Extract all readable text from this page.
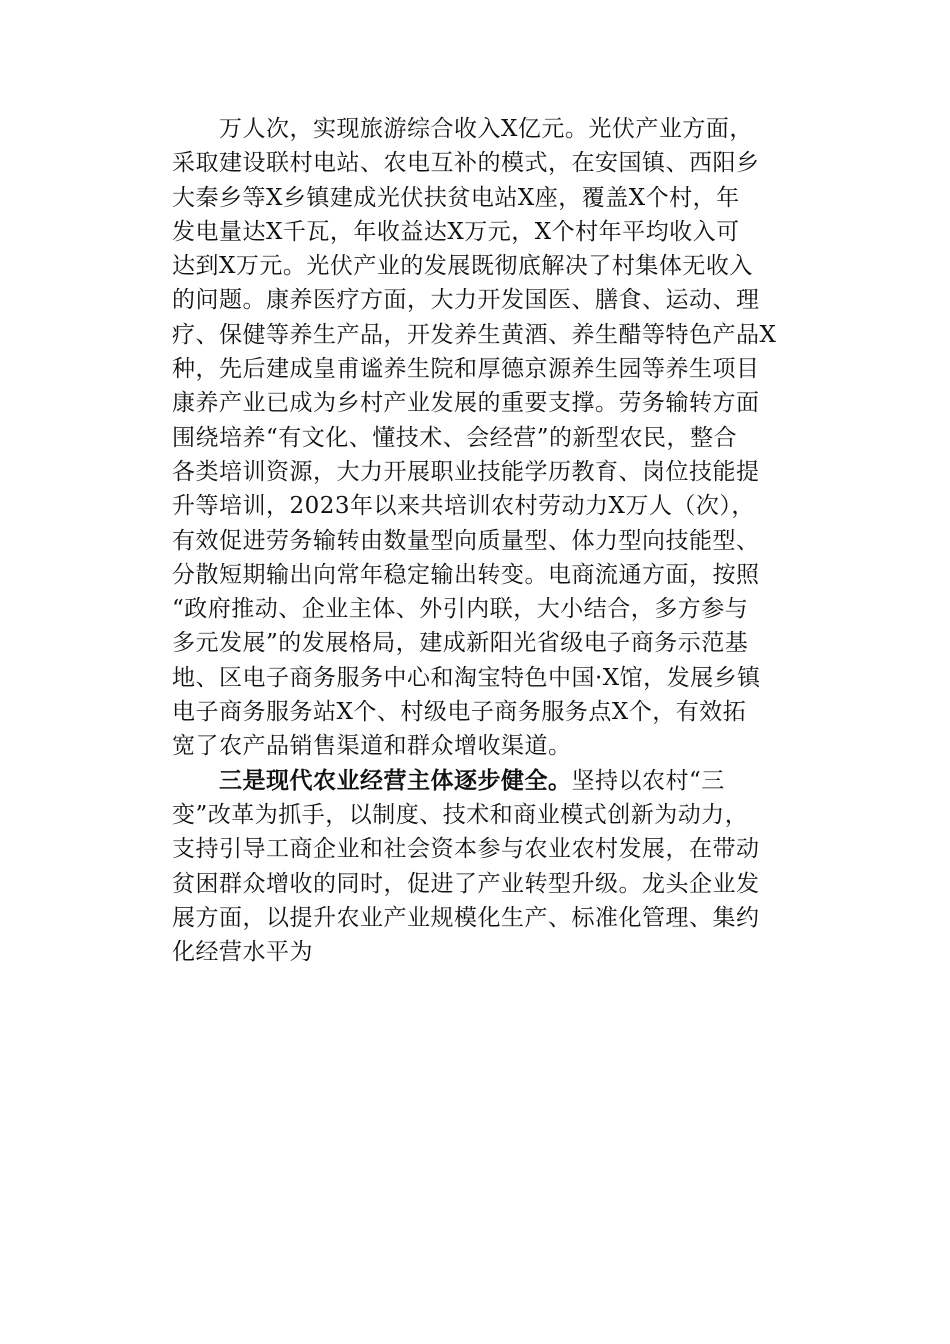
　　万人次，实现旅游综合收入X亿元。光伏产业方面，
采取建设联村电站、农电互补的模式，在安国镇、西阳乡
大秦乡等X乡镇建成光伏扶贫电站X座，覆盖X个村，年
发电量达X千瓦，年收益达X万元，X个村年平均收入可
达到X万元。光伏产业的发展既彻底解决了村集体无收入
的问题。康养医疗方面，大力开发国医、膳食、运动、理
疗、保健等养生产品，开发养生黄酒、养生醋等特色产品X
种，先后建成皇甫谧养生院和厚德京源养生园等养生项目
康养产业已成为乡村产业发展的重要支撑。劳务输转方面
围绕培养“有文化、懂技术、会经营”的新型农民，整合
各类培训资源，大力开展职业技能学历教育、岗位技能提
升等培训，2023年以来共培训农村劳动力X万人（次），
有效促进劳务输转由数量型向质量型、体力型向技能型、
分散短期输出向常年稳定输出转变。电商流通方面，按照
“政府推动、企业主体、外引内联，大小结合，多方参与
多元发展”的发展格局，建成新阳光省级电子商务示范基
地、区电子商务服务中心和淘宝特色中国·X馆，发展乡镇
电子商务服务站X个、村级电子商务服务点X个，有效拓
宽了农产品销售渠道和群众增收渠道。
　　三是现代农业经营主体逐步健全。坚持以农村“三
变”改革为抓手，以制度、技术和商业模式创新为动力，
支持引导工商企业和社会资本参与农业农村发展，在带动
贫困群众增收的同时，促进了产业转型升级。龙头企业发
展方面，以提升农业产业规模化生产、标准化管理、集约
化经营水平为
